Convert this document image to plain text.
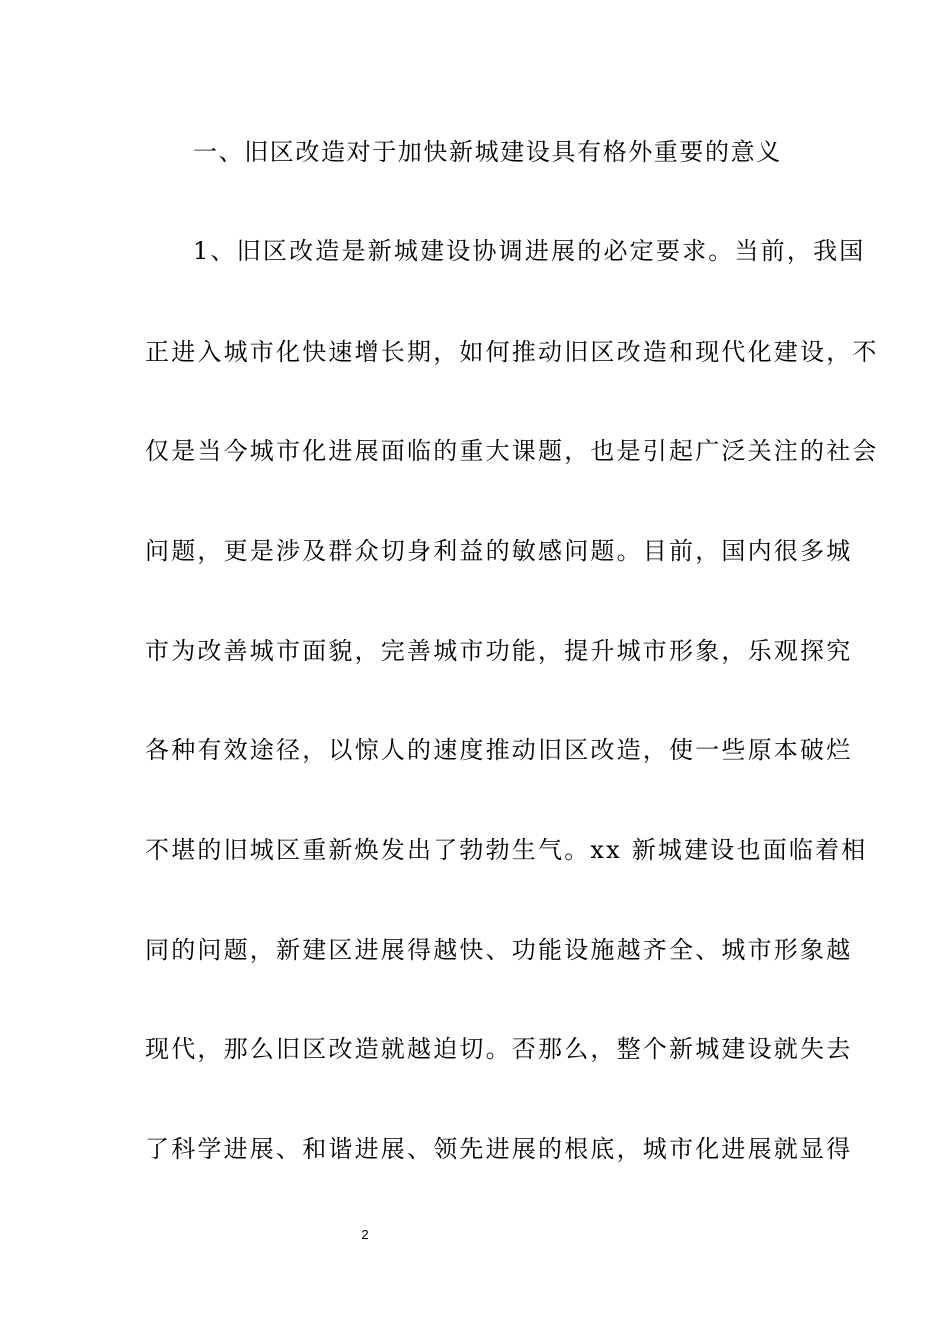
一、旧区改造对于加快新城建设具有格外重要的意义
1、旧区改造是新城建设协调进展的必定要求。当前，我国
正进入城市化快速增长期，如何推动旧区改造和现代化建设，不
仅是当今城市化进展面临的重大课题，也是引起广泛关注的社会
问题，更是涉及群众切身利益的敏感问题。目前，国内很多城
市为改善城市面貌，完善城市功能，提升城市形象，乐观探究
各种有效途径，以惊人的速度推动旧区改造，使一些原本破烂
不堪的旧城区重新焕发出了勃勃生气。xx 新城建设也面临着相
同的问题，新建区进展得越快、功能设施越齐全、城市形象越
现代，那么旧区改造就越迫切。否那么，整个新城建设就失去
了科学进展、和谐进展、领先进展的根底，城市化进展就显得
2
